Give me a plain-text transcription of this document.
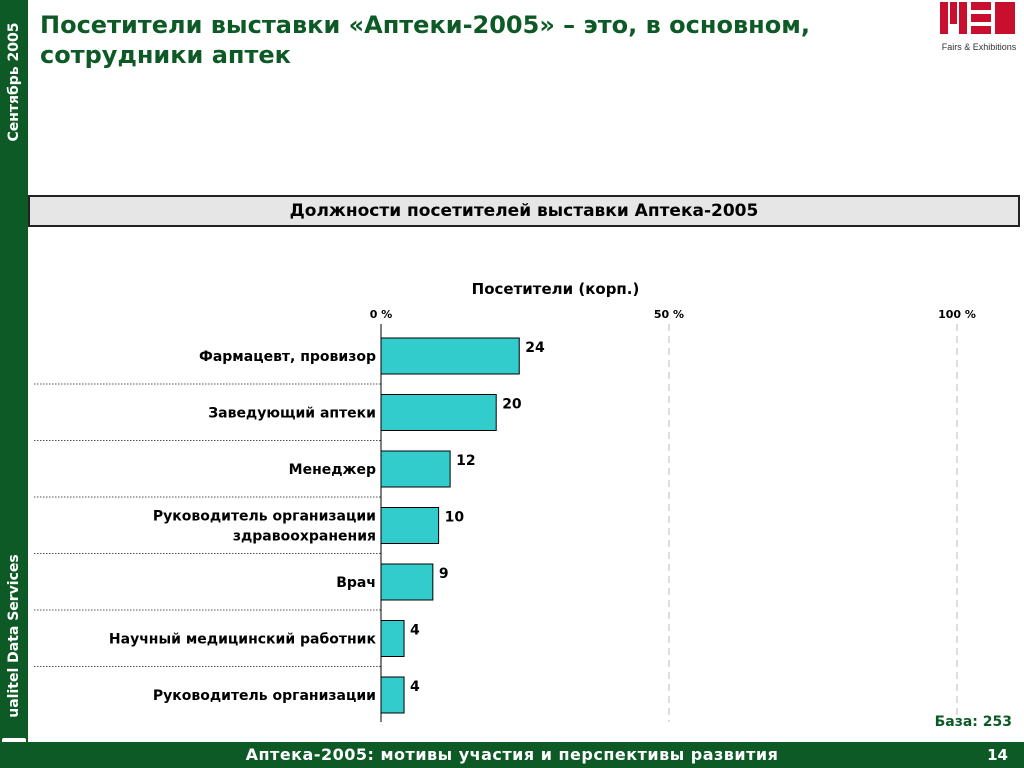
Сентябрь 2005
ualitel Data Services
Посетители выставки «Аптеки-2005» – это, в основном, сотрудники аптек	Fairs & Exhibitions
Должности посетителей выставки Аптека-2005
Посетители (корп.)
0 %	50 %	100 %
24
Фармацевт, провизор
20
Заведующий аптеки
12
Менеджер
10
Руководитель организации
здравоохранения
9
Врач
4
Научный медицинский работник
4
Руководитель организации
База: 253
Аптека-2005: мотивы участия и перспективы развития	14
